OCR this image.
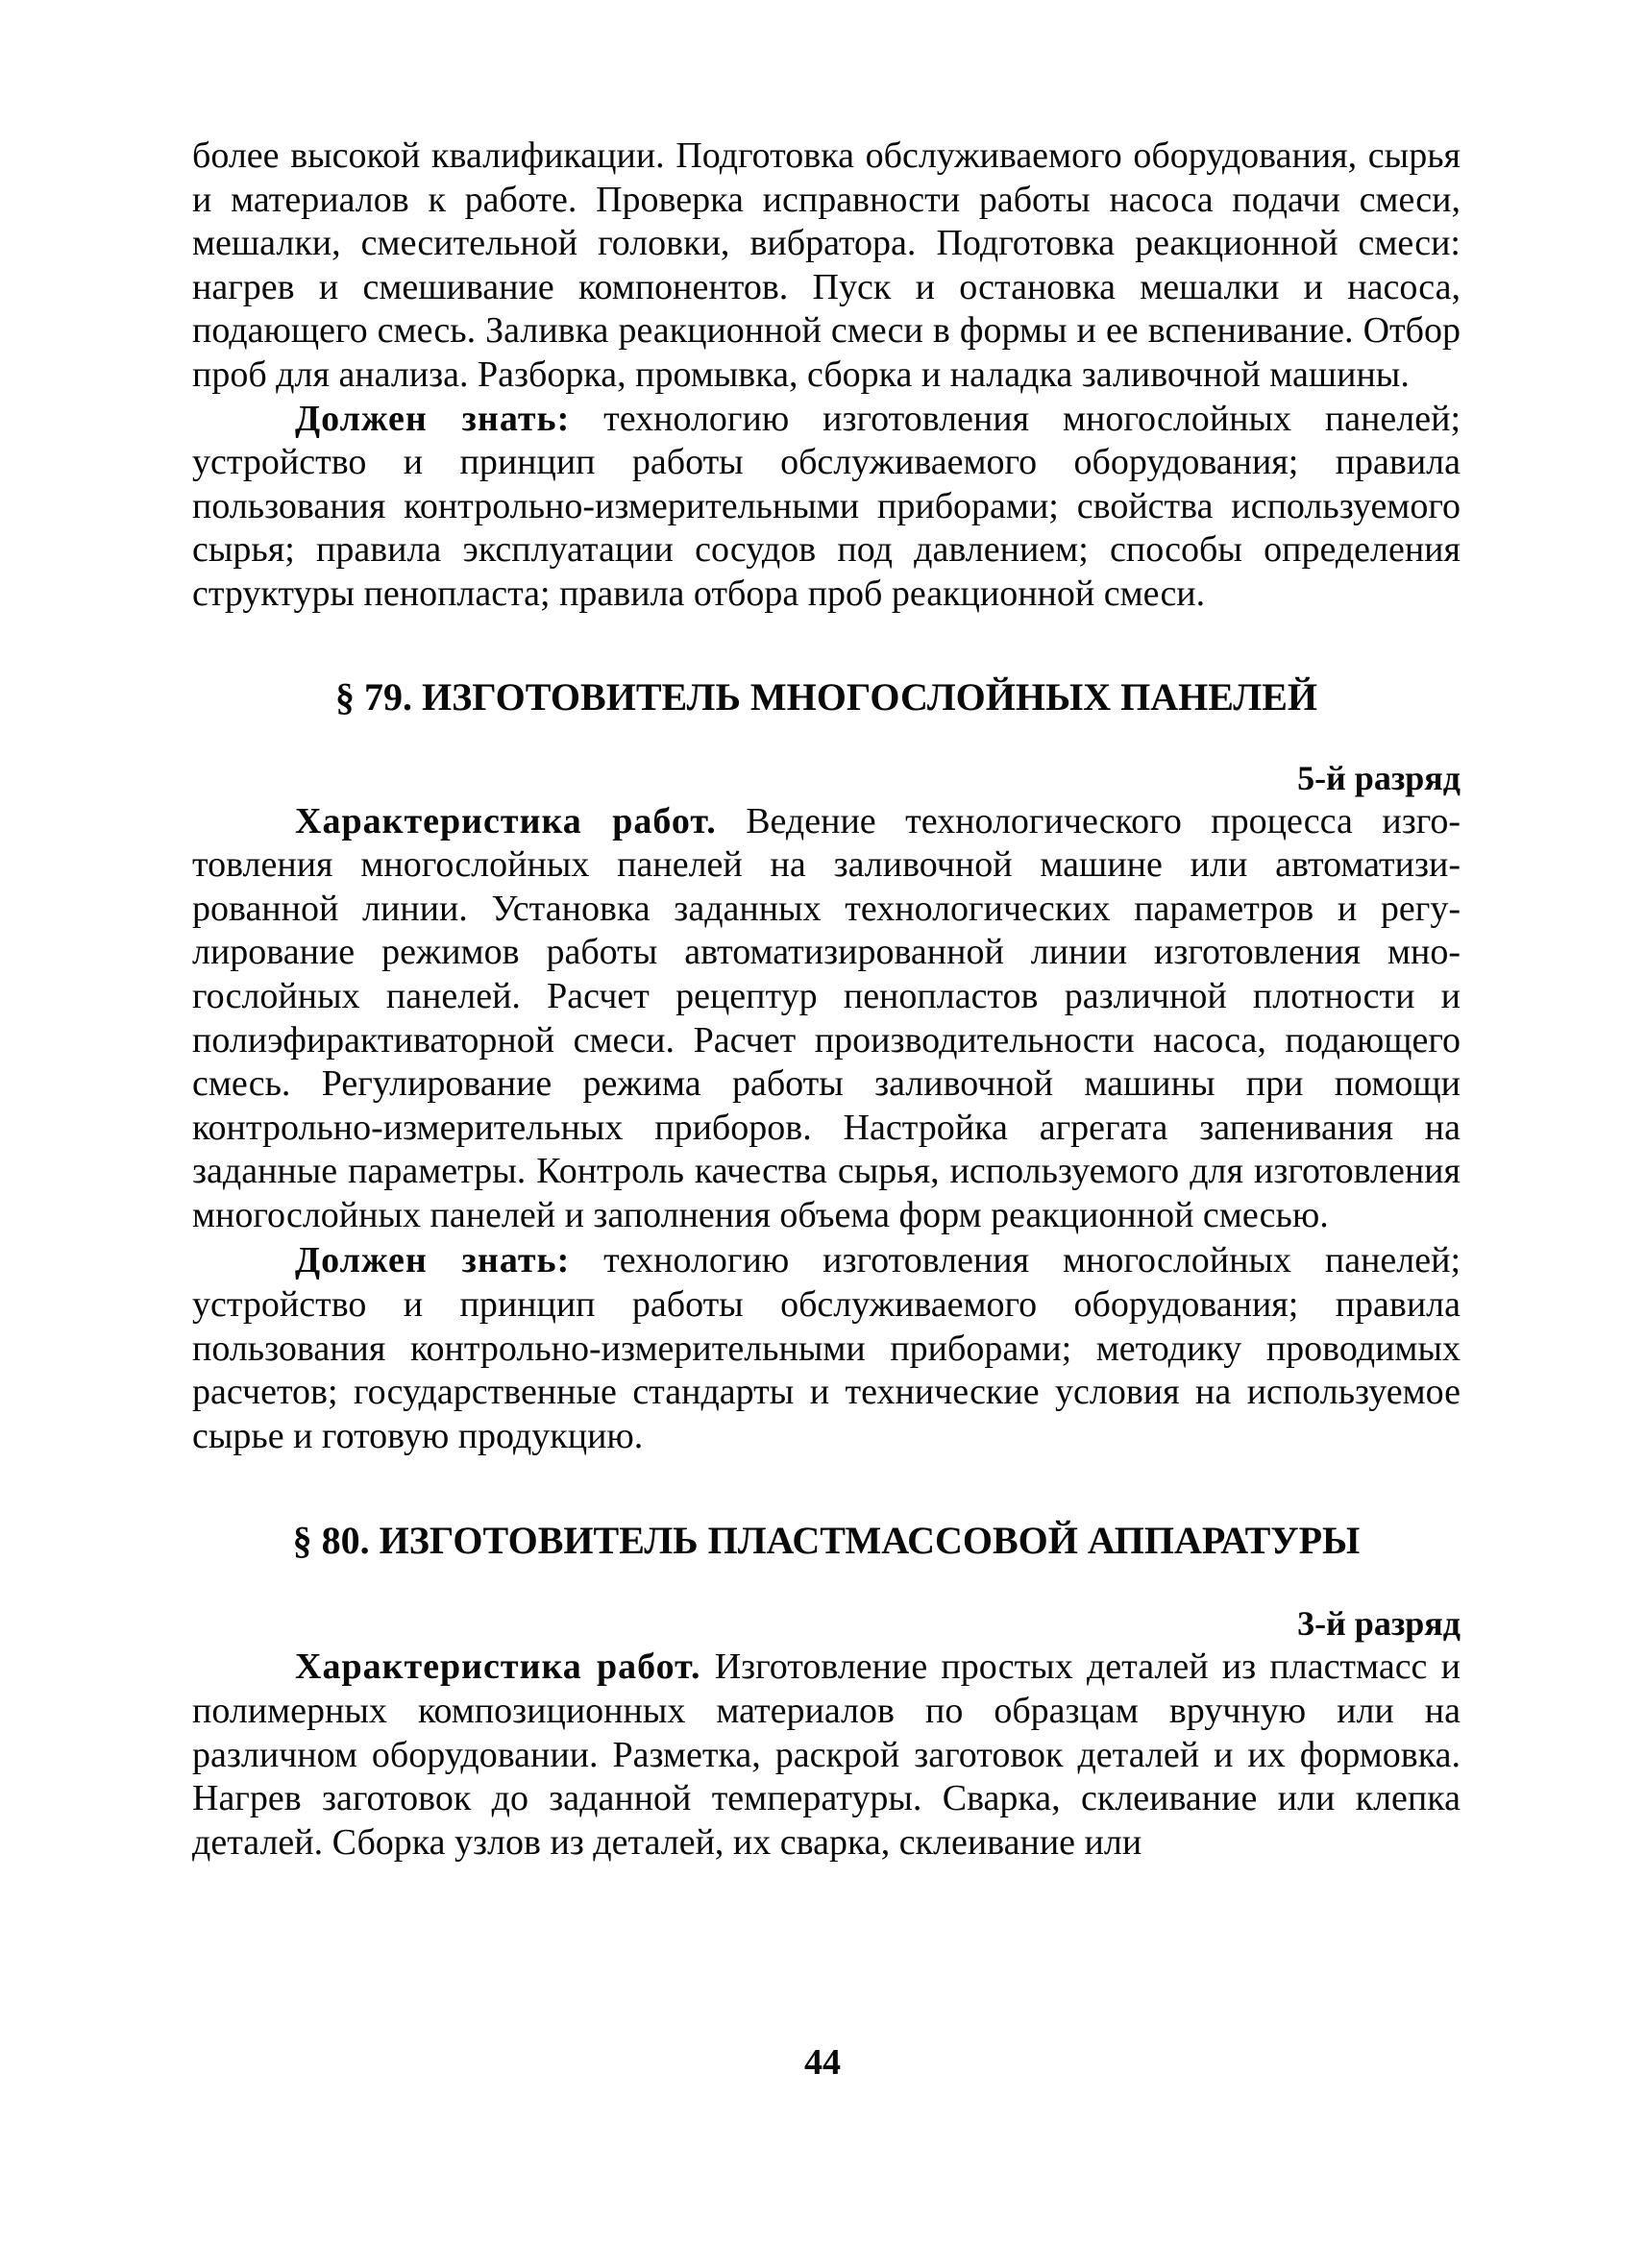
более высокой квалификации. Подготовка обслуживаемого оборудования, сырья и материалов к работе. Проверка исправности работы насоса подачи смеси, мешалки, смесительной головки, вибратора. Подготовка реакционной смеси: нагрев и смешивание компонентов. Пуск и остановка мешалки и насоса, подающего смесь. Заливка реакционной смеси в формы и ее вспенивание. Отбор проб для анализа. Разборка, промывка, сборка и наладка заливочной машины.

Должен знать: технологию изготовления многослойных панелей; устройство и принцип работы обслуживаемого оборудования; правила пользования контрольно-измерительными приборами; свойства используемого сырья; правила эксплуатации сосудов под давлением; способы определения структуры пенопласта; правила отбора проб реакционной смеси.

§ 79. ИЗГОТОВИТЕЛЬ МНОГОСЛОЙНЫХ ПАНЕЛЕЙ

5-й разряд

Характеристика работ. Ведение технологического процесса изготовления многослойных панелей на заливочной машине или автоматизированной линии. Установка заданных технологических параметров и регулирование режимов работы автоматизированной линии изготовления многослойных панелей. Расчет рецептур пенопластов различной плотности и полиэфирактиваторной смеси. Расчет производительности насоса, подающего смесь. Регулирование режима работы заливочной машины при помощи контрольно-измерительных приборов. Настройка агрегата запенивания на заданные параметры. Контроль качества сырья, используемого для изготовления многослойных панелей и заполнения объема форм реакционной смесью.

Должен знать: технологию изготовления многослойных панелей; устройство и принцип работы обслуживаемого оборудования; правила пользования контрольно-измерительными приборами; методику проводимых расчетов; государственные стандарты и технические условия на используемое сырье и готовую продукцию.

§ 80. ИЗГОТОВИТЕЛЬ ПЛАСТМАССОВОЙ АППАРАТУРЫ

3-й разряд

Характеристика работ. Изготовление простых деталей из пластмасс и полимерных композиционных материалов по образцам вручную или на различном оборудовании. Разметка, раскрой заготовок деталей и их формовка. Нагрев заготовок до заданной температуры. Сварка, склеивание или клепка деталей. Сборка узлов из деталей, их сварка, склеивание или

44
